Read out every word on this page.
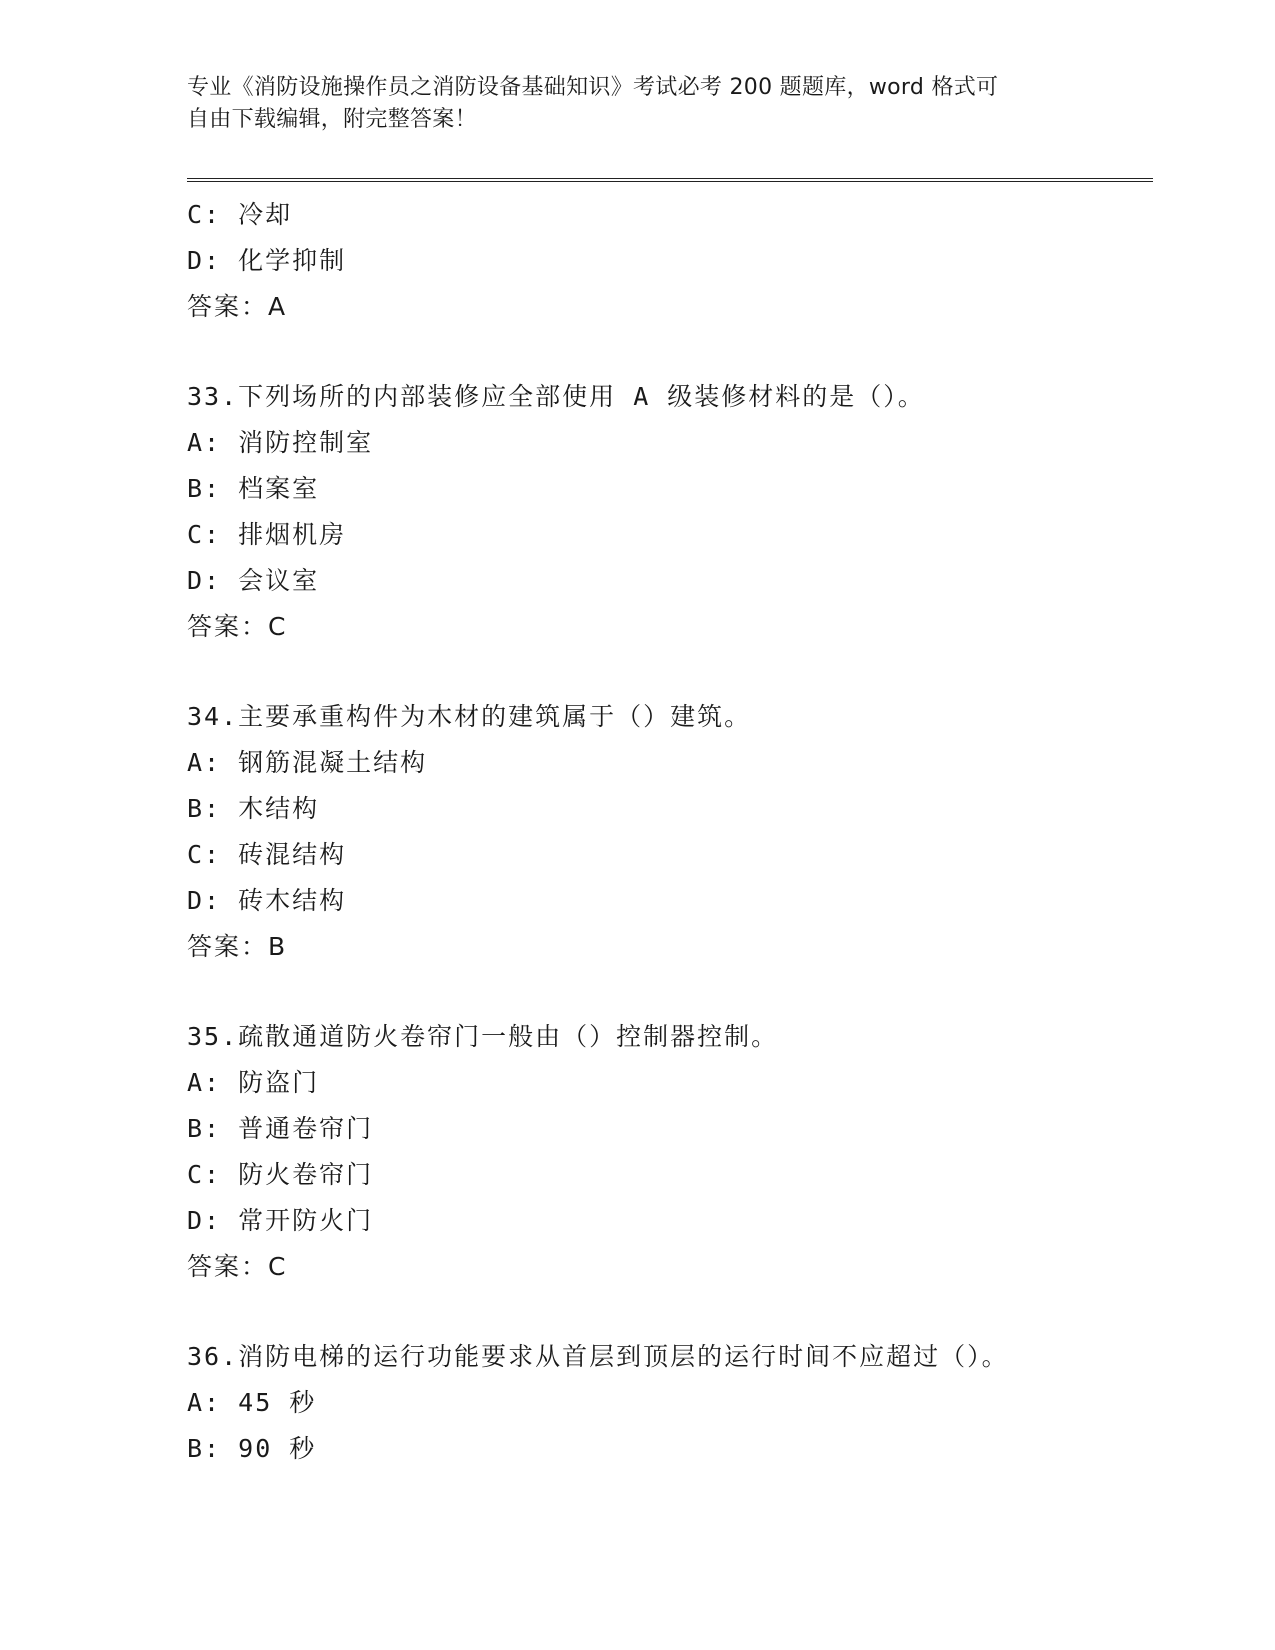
专业《消防设施操作员之消防设备基础知识》考试必考 200 题题库，word 格式可
自由下载编辑，附完整答案！
C: 冷却
D: 化学抑制
答案：A
33.下列场所的内部装修应全部使用 A 级装修材料的是（）。
A: 消防控制室
B: 档案室
C: 排烟机房
D: 会议室
答案：C
34.主要承重构件为木材的建筑属于（）建筑。
A: 钢筋混凝土结构
B: 木结构
C: 砖混结构
D: 砖木结构
答案：B
35.疏散通道防火卷帘门一般由（）控制器控制。
A: 防盗门
B: 普通卷帘门
C: 防火卷帘门
D: 常开防火门
答案：C
36.消防电梯的运行功能要求从首层到顶层的运行时间不应超过（）。
A: 45 秒
B: 90 秒
